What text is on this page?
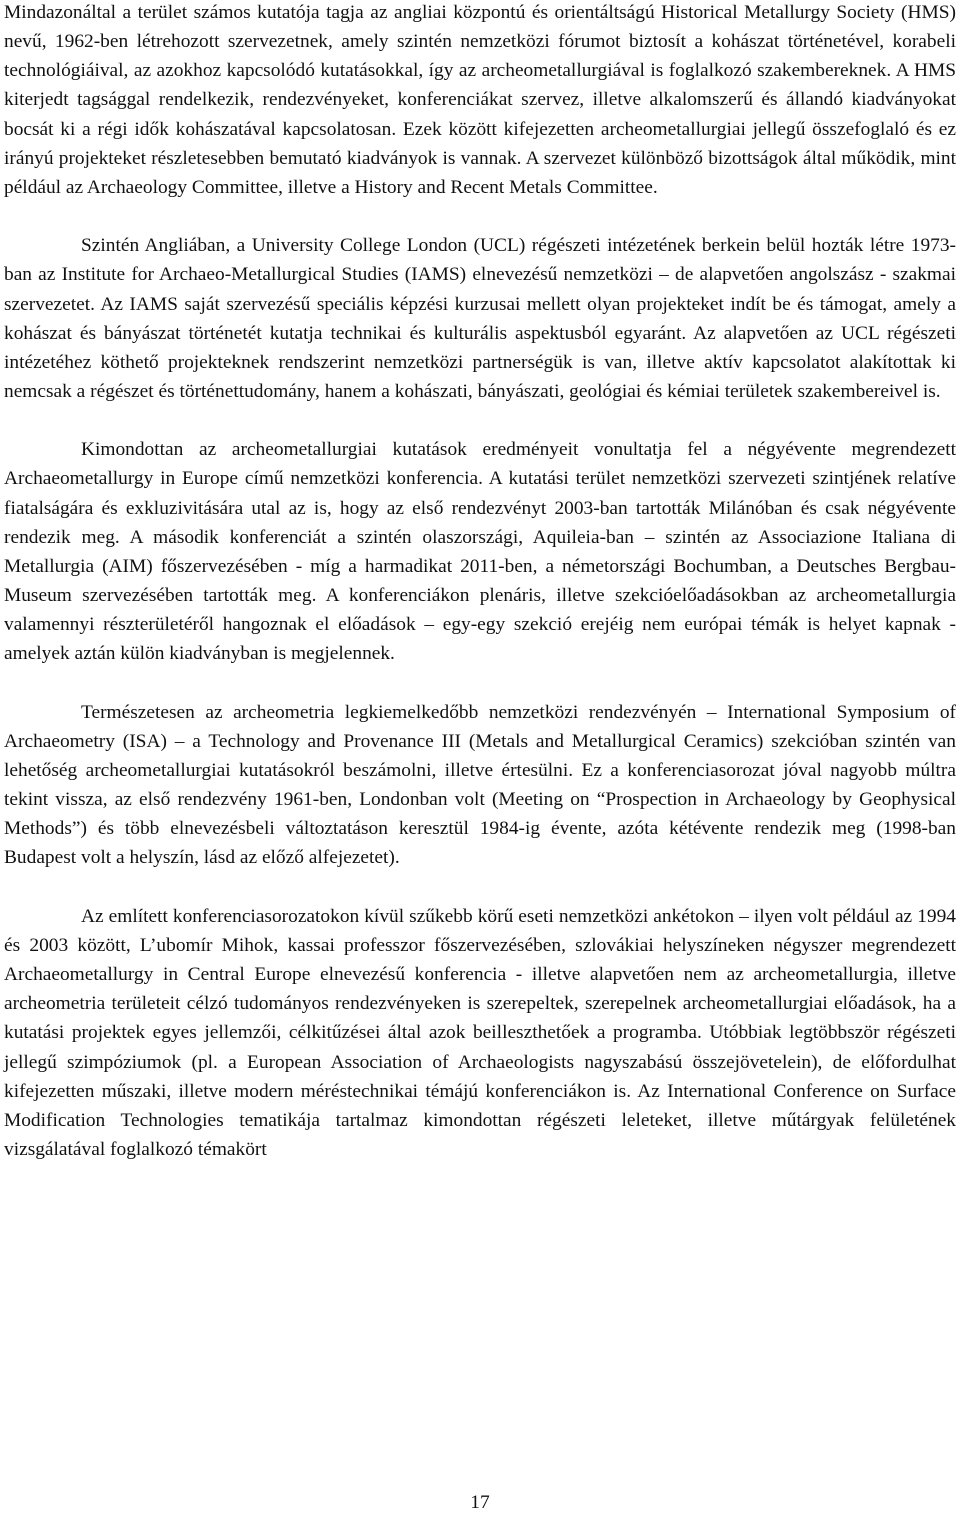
Mindazonáltal a terület számos kutatója tagja az angliai központú és orientáltságú Historical Metallurgy Society (HMS) nevű, 1962-ben létrehozott szervezetnek, amely szintén nemzetközi fórumot biztosít a kohászat történetével, korabeli technológiáival, az azokhoz kapcsolódó kutatásokkal, így az archeometallurgiával is foglalkozó szakembereknek. A HMS kiterjedt tagsággal rendelkezik, rendezvényeket, konferenciákat szervez, illetve alkalomszerű és állandó kiadványokat bocsát ki a régi idők kohászatával kapcsolatosan. Ezek között kifejezetten archeometallurgiai jellegű összefoglaló és ez irányú projekteket részletesebben bemutató kiadványok is vannak. A szervezet különböző bizottságok által működik, mint például az Archaeology Committee, illetve a History and Recent Metals Committee.

Szintén Angliában, a University College London (UCL) régészeti intézetének berkein belül hozták létre 1973-ban az Institute for Archaeo-Metallurgical Studies (IAMS) elnevezésű nemzetközi – de alapvetően angolszász - szakmai szervezetet. Az IAMS saját szervezésű speciális képzési kurzusai mellett olyan projekteket indít be és támogat, amely a kohászat és bányászat történetét kutatja technikai és kulturális aspektusból egyaránt. Az alapvetően az UCL régészeti intézetéhez köthető projekteknek rendszerint nemzetközi partnerségük is van, illetve aktív kapcsolatot alakítottak ki nemcsak a régészet és történettudomány, hanem a kohászati, bányászati, geológiai és kémiai területek szakembereivel is.

Kimondottan az archeometallurgiai kutatások eredményeit vonultatja fel a négyévente megrendezett Archaeometallurgy in Europe című nemzetközi konferencia. A kutatási terület nemzetközi szervezeti szintjének relatíve fiatalságára és exkluzivitására utal az is, hogy az első rendezvényt 2003-ban tartották Milánóban és csak négyévente rendezik meg. A második konferenciát a szintén olaszországi, Aquileia-ban – szintén az Associazione Italiana di Metallurgia (AIM) főszervezésében - míg a harmadikat 2011-ben, a németországi Bochumban, a Deutsches Bergbau-Museum szervezésében tartották meg. A konferenciákon plenáris, illetve szekcióelőadásokban az archeometallurgia valamennyi részterületéről hangoznak el előadások – egy-egy szekció erejéig nem európai témák is helyet kapnak - amelyek aztán külön kiadványban is megjelennek.

Természetesen az archeometria legkiemelkedőbb nemzetközi rendezvényén – International Symposium of Archaeometry (ISA) – a Technology and Provenance III (Metals and Metallurgical Ceramics) szekcióban szintén van lehetőség archeometallurgiai kutatásokról beszámolni, illetve értesülni. Ez a konferenciasorozat jóval nagyobb múltra tekint vissza, az első rendezvény 1961-ben, Londonban volt (Meeting on “Prospection in Archaeology by Geophysical Methods”) és több elnevezésbeli változtatáson keresztül 1984-ig évente, azóta kétévente rendezik meg (1998-ban Budapest volt a helyszín, lásd az előző alfejezetet).

Az említett konferenciasorozatokon kívül szűkebb körű eseti nemzetközi ankétokon – ilyen volt például az 1994 és 2003 között, L’ubomír Mihok, kassai professzor főszervezésében, szlovákiai helyszíneken négyszer megrendezett Archaeometallurgy in Central Europe elnevezésű konferencia - illetve alapvetően nem az archeometallurgia, illetve archeometria területeit célzó tudományos rendezvényeken is szerepeltek, szerepelnek archeometallurgiai előadások, ha a kutatási projektek egyes jellemzői, célkitűzései által azok beilleszthetőek a programba. Utóbbiak legtöbbször régészeti jellegű szimpóziumok (pl. a European Association of Archaeologists nagyszabású összejövetelein), de előfordulhat kifejezetten műszaki, illetve modern méréstechnikai témájú konferenciákon is. Az International Conference on Surface Modification Technologies tematikája tartalmaz kimondottan régészeti leleteket, illetve műtárgyak felületének vizsgálatával foglalkozó témakört

17
